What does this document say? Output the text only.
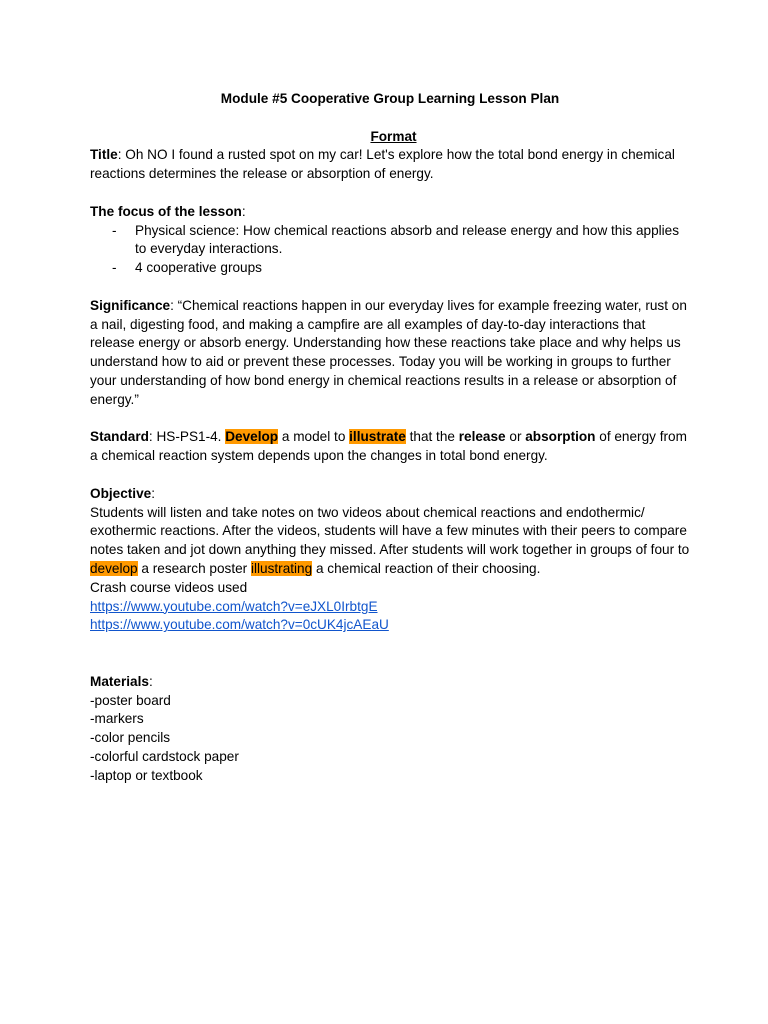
Module #5 Cooperative Group Learning Lesson Plan

Format

Title: Oh NO I found a rusted spot on my car! Let's explore how the total bond energy in chemical reactions determines the release or absorption of energy.

The focus of the lesson:

- Physical science: How chemical reactions absorb and release energy and how this applies to everyday interactions.
- 4 cooperative groups

Significance: “Chemical reactions happen in our everyday lives for example freezing water, rust on a nail, digesting food, and making a campfire are all examples of day-to-day interactions that release energy or absorb energy. Understanding how these reactions take place and why helps us understand how to aid or prevent these processes. Today you will be working in groups to further your understanding of how bond energy in chemical reactions results in a release or absorption of energy.”

Standard: HS-PS1-4. Develop a model to illustrate that the release or absorption of energy from a chemical reaction system depends upon the changes in total bond energy.

Objective:

Students will listen and take notes on two videos about chemical reactions and endothermic/ exothermic reactions. After the videos, students will have a few minutes with their peers to compare notes taken and jot down anything they missed. After students will work together in groups of four to develop a research poster illustrating a chemical reaction of their choosing.

Crash course videos used

https://www.youtube.com/watch?v=eJXL0IrbtgE
https://www.youtube.com/watch?v=0cUK4jcAEaU

Materials:

-poster board
-markers
-color pencils
-colorful cardstock paper
-laptop or textbook
